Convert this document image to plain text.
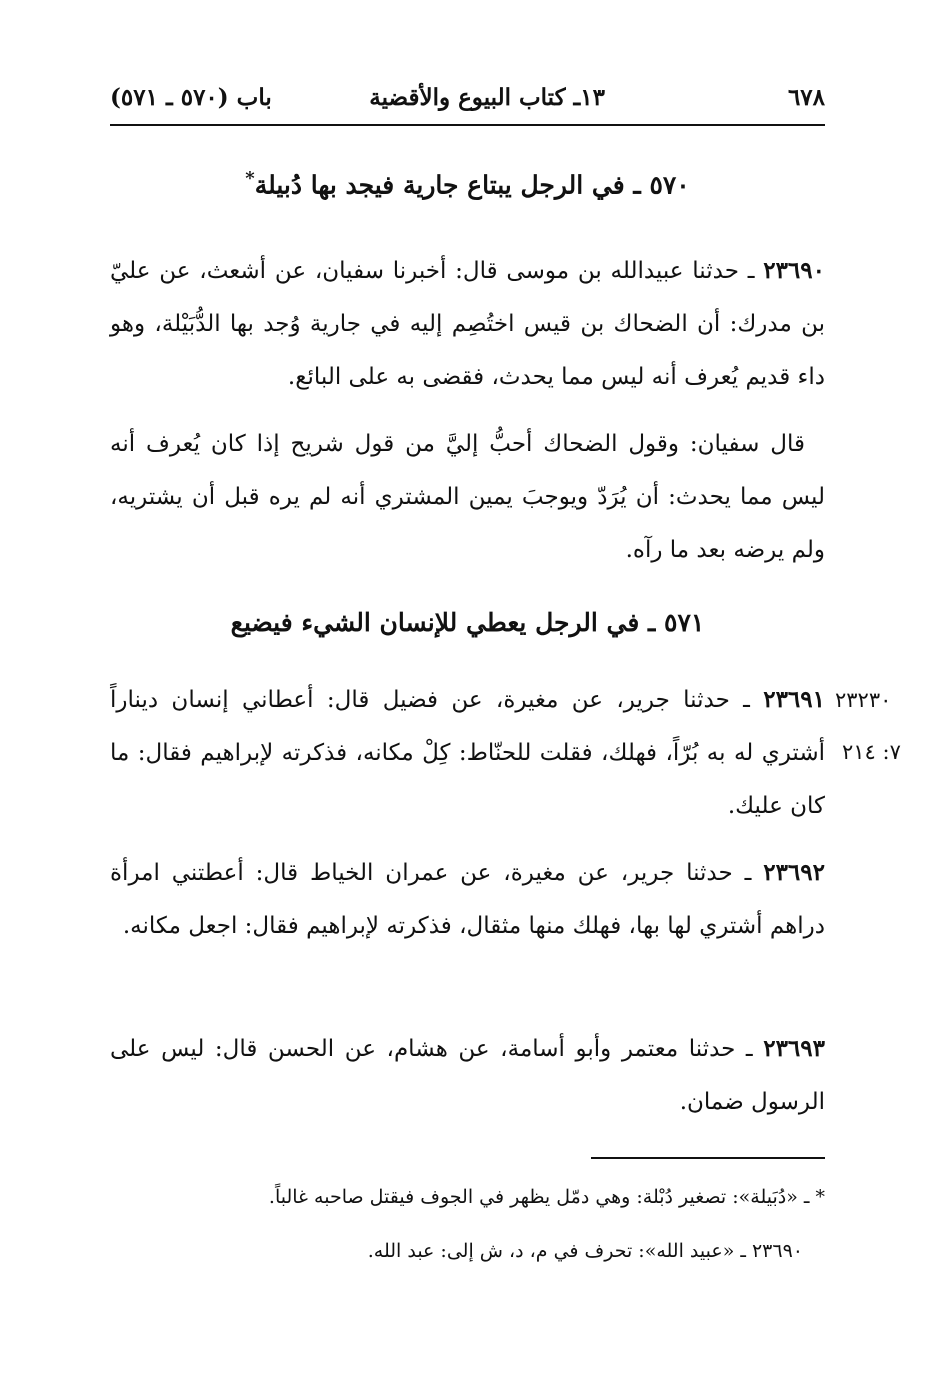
٦٧٨
١٣ـ كتاب البيوع والأقضية
باب (٥٧٠ ـ ٥٧١)
٥٧٠ ـ في الرجل يبتاع جارية فيجد بها دُبيلة*
٢٣٦٩٠ ـ حدثنا عبيدالله بن موسى قال: أخبرنا سفيان، عن أشعث، عن عليّ بن مدرك: أن الضحاك بن قيس اختُصِم إليه في جارية وُجد بها الدُّبَيْلة، وهو داء قديم يُعرف أنه ليس مما يحدث، فقضى به على البائع.
قال سفيان: وقول الضحاك أحبُّ إليَّ من قول شريح إذا كان يُعرف أنه ليس مما يحدث: أن يُرَدّ ويوجبَ يمين المشتري أنه لم يره قبل أن يشتريه، ولم يرضه بعد ما رآه.
٥٧١ ـ في الرجل يعطي للإنسان الشيء فيضيع
٢٣٢٣٠
٧: ٢١٤
٢٣٦٩١ ـ حدثنا جرير، عن مغيرة، عن فضيل قال: أعطاني إنسان ديناراً أشتري له به بُرّاً، فهلك، فقلت للحنّاط: كِلْ مكانه، فذكرته لإبراهيم فقال: ما كان عليك.
٢٣٦٩٢ ـ حدثنا جرير، عن مغيرة، عن عمران الخياط قال: أعطتني امرأة دراهم أشتري لها بها، فهلك منها مثقال، فذكرته لإبراهيم فقال: اجعل مكانه.
٢٣٦٩٣ ـ حدثنا معتمر وأبو أسامة، عن هشام، عن الحسن قال: ليس على الرسول ضمان.
* ـ «دُبَيلة»: تصغير دُبْلة: وهي دمّل يظهر في الجوف فيقتل صاحبه غالباً.
٢٣٦٩٠ ـ «عبيد الله»: تحرف في م، د، ش إلى: عبد الله.
